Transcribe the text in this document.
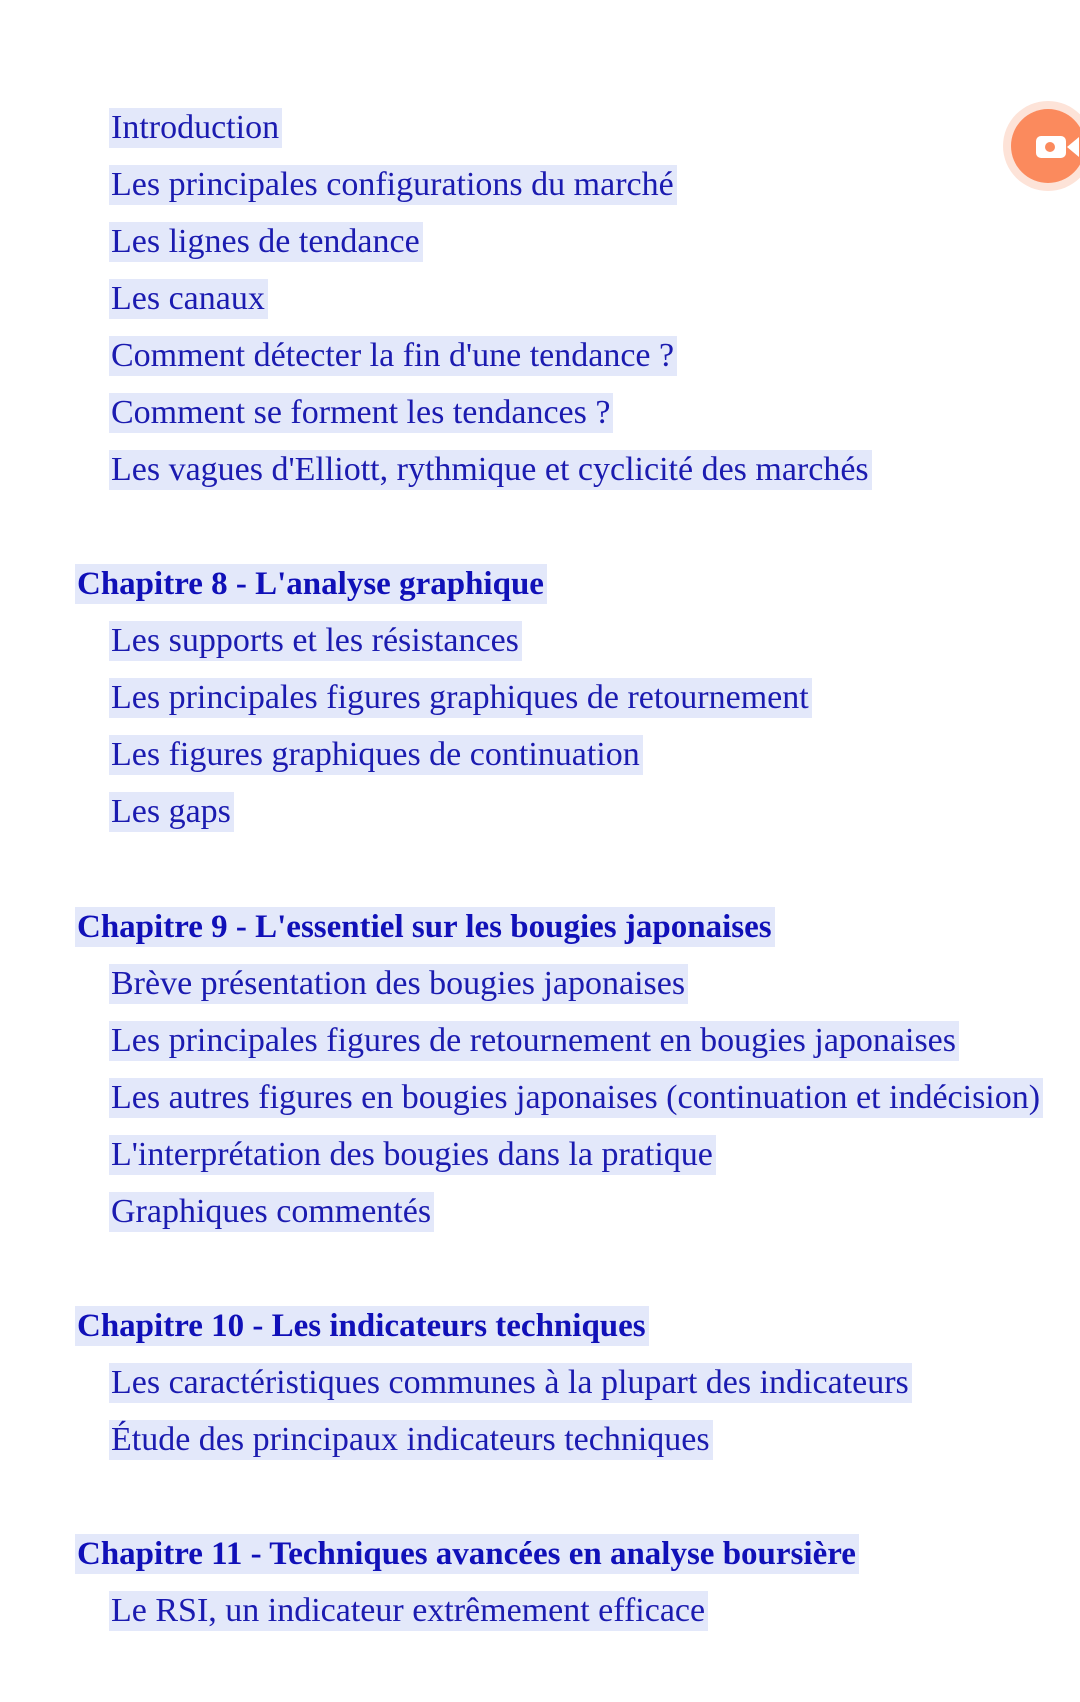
Introduction
Les principales configurations du marché
Les lignes de tendance
Les canaux
Comment détecter la fin d'une tendance ?
Comment se forment les tendances ?
Les vagues d'Elliott, rythmique et cyclicité des marchés
Chapitre 8 - L'analyse graphique
Les supports et les résistances
Les principales figures graphiques de retournement
Les figures graphiques de continuation
Les gaps
Chapitre 9 - L'essentiel sur les bougies japonaises
Brève présentation des bougies japonaises
Les principales figures de retournement en bougies japonaises
Les autres figures en bougies japonaises (continuation et indécision)
L'interprétation des bougies dans la pratique
Graphiques commentés
Chapitre 10 - Les indicateurs techniques
Les caractéristiques communes à la plupart des indicateurs
Étude des principaux indicateurs techniques
Chapitre 11 - Techniques avancées en analyse boursière
Le RSI, un indicateur extrêmement efficace
